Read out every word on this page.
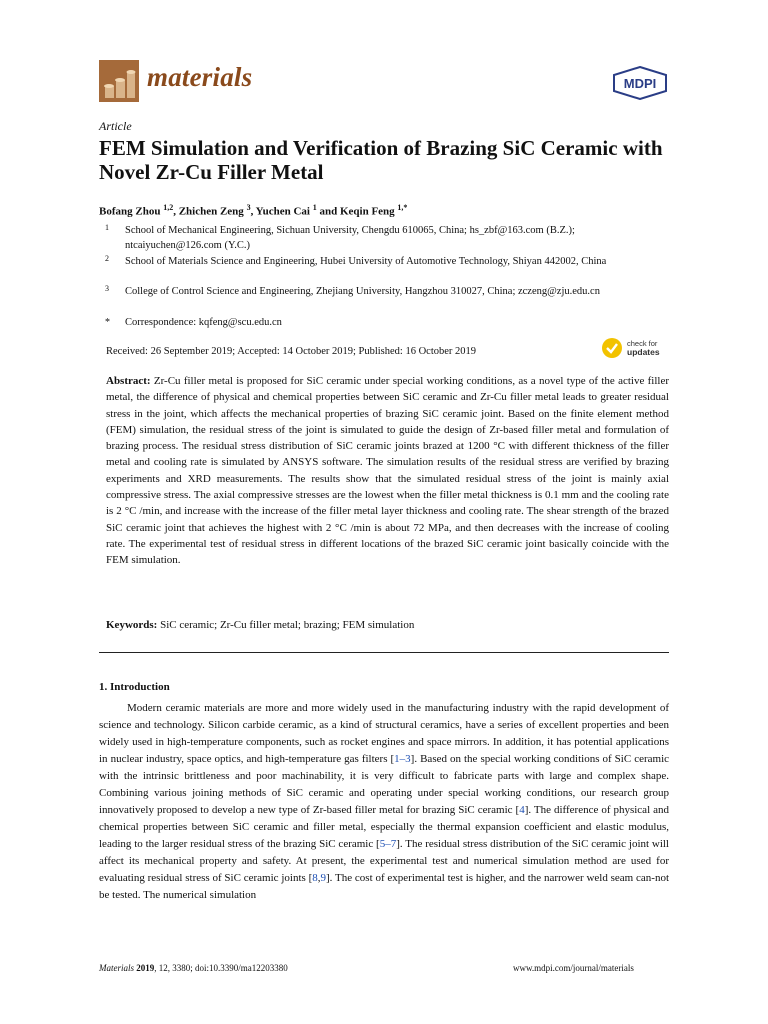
materials	MDPI
Article
FEM Simulation and Verification of Brazing SiC Ceramic with Novel Zr-Cu Filler Metal
Bofang Zhou $^{1,2}$, Zhichen Zeng $^3$, Yuchen Cai $^1$ and Keqin Feng $^{1,*}$
1 School of Mechanical Engineering, Sichuan University, Chengdu 610065, China; hs_zbf@163.com (B.Z.); ntcaiyuchen@126.com (Y.C.)
2 School of Materials Science and Engineering, Hubei University of Automotive Technology, Shiyan 442002, China
3 College of Control Science and Engineering, Zhejiang University, Hangzhou 310027, China; zczeng@zju.edu.cn
* Correspondence: kqfeng@scu.edu.cn
Received: 26 September 2019; Accepted: 14 October 2019; Published: 16 October 2019
check for
updates
Abstract: Zr-Cu filler metal is proposed for SiC ceramic under special working conditions, as a novel type of the active filler metal, the difference of physical and chemical properties between SiC ceramic and Zr-Cu filler metal leads to greater residual stress in the joint, which affects the mechanical properties of brazing SiC ceramic joint. Based on the finite element method (FEM) simulation, the residual stress of the joint is simulated to guide the design of Zr-based filler metal and formulation of brazing process. The residual stress distribution of SiC ceramic joints brazed at 1200 °C with different thickness of the filler metal and cooling rate is simulated by ANSYS software. The simulation results of the residual stress are verified by brazing experiments and XRD measurements. The results show that the simulated residual stress of the joint is mainly axial compressive stress. The axial compressive stresses are the lowest when the filler metal thickness is 0.1 mm and the cooling rate is 2 °C /min, and increase with the increase of the filler metal layer thickness and cooling rate. The shear strength of the brazed SiC ceramic joint that achieves the highest with 2 °C /min is about 72 MPa, and then decreases with the increase of cooling rate. The experimental test of residual stress in different locations of the brazed SiC ceramic joint basically coincide with the FEM simulation.
Keywords: SiC ceramic; Zr-Cu filler metal; brazing; FEM simulation
1. Introduction
Modern ceramic materials are more and more widely used in the manufacturing industry with the rapid development of science and technology. Silicon carbide ceramic, as a kind of structural ceramics, have a series of excellent properties and been widely used in high-temperature components, such as rocket engines and space mirrors. In addition, it has potential applications in nuclear industry, space optics, and high-temperature gas filters [1–3]. Based on the special working conditions of SiC ceramic with the intrinsic brittleness and poor machinability, it is very difficult to fabricate parts with large and complex shape. Combining various joining methods of SiC ceramic and operating under special working conditions, our research group innovatively proposed to develop a new type of Zr-based filler metal for brazing SiC ceramic [4]. The difference of physical and chemical properties between SiC ceramic and filler metal, especially the thermal expansion coefficient and elastic modulus, leading to the larger residual stress of the brazing SiC ceramic [5–7]. The residual stress distribution of the SiC ceramic joint will affect its mechanical property and safety. At present, the experimental test and numerical simulation method are used for evaluating residual stress of SiC ceramic joints [8,9]. The cost of experimental test is higher, and the narrower weld seam can-not be tested. The numerical simulation
Materials 2019, 12, 3380; doi:10.3390/ma12203380	www.mdpi.com/journal/materials
